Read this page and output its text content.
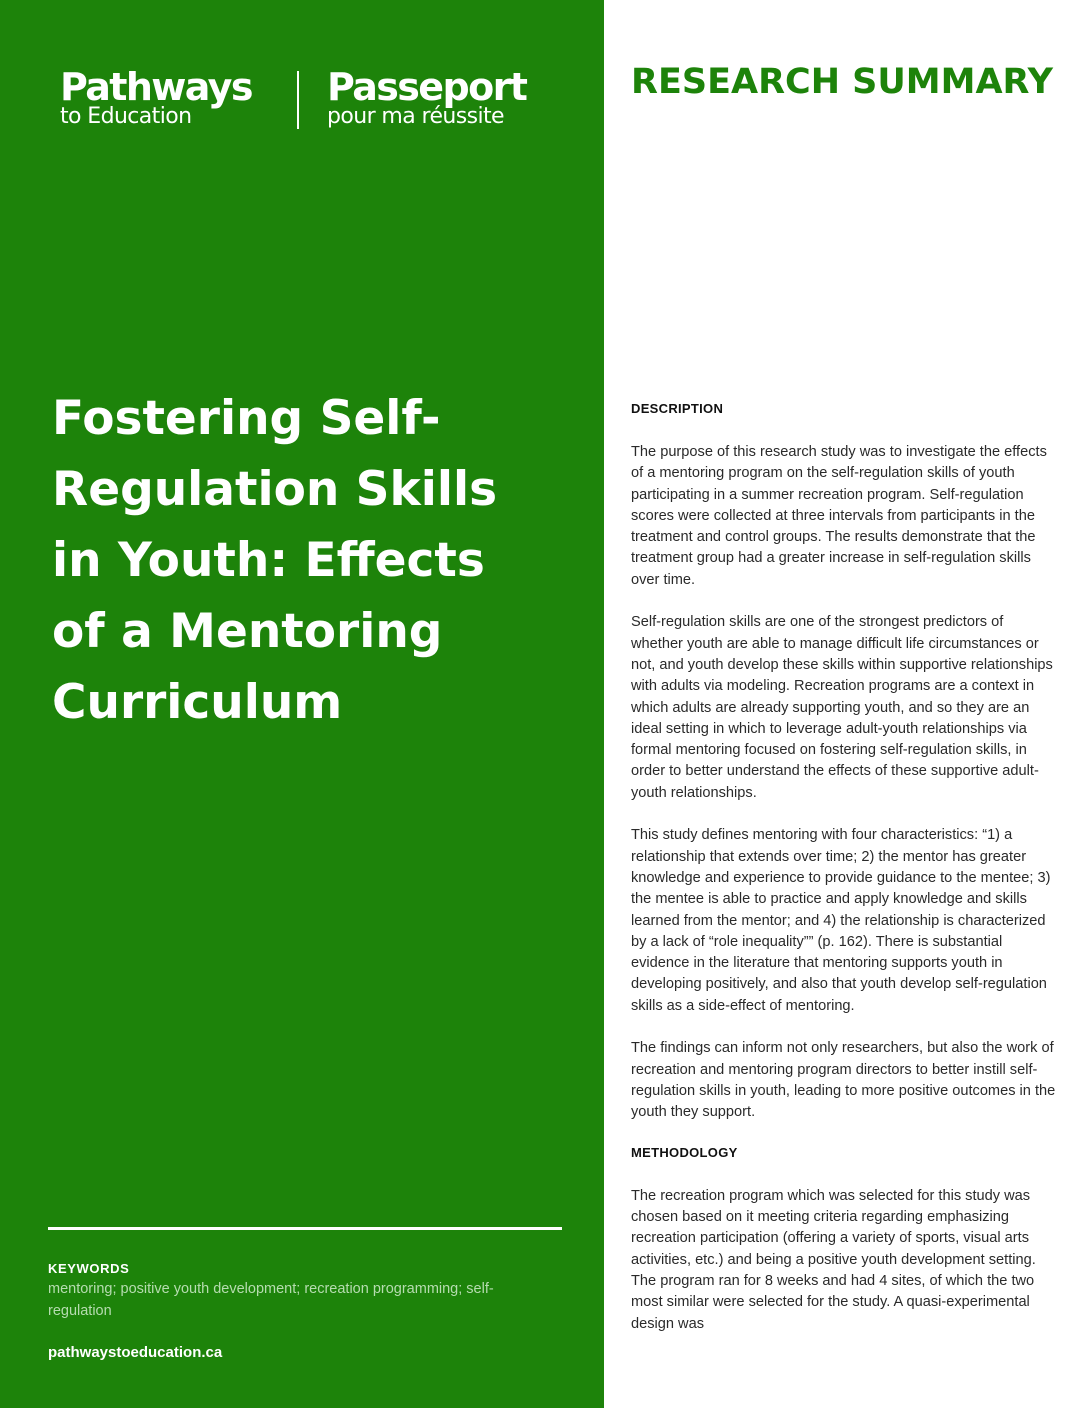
Pathways
to Education
Passeport
pour ma réussite
Fostering Self-Regulation Skills in Youth: Effects of a Mentoring Curriculum
KEYWORDS
mentoring; positive youth development; recreation programming; self-regulation
pathwaystoeducation.ca
RESEARCH SUMMARY
DESCRIPTION

The purpose of this research study was to investigate the effects of a mentoring program on the self-regulation skills of youth participating in a summer recreation program. Self-regulation scores were collected at three intervals from participants in the treatment and control groups. The results demonstrate that the treatment group had a greater increase in self-regulation skills over time.

Self-regulation skills are one of the strongest predictors of whether youth are able to manage difficult life circumstances or not, and youth develop these skills within supportive relationships with adults via modeling. Recreation programs are a context in which adults are already supporting youth, and so they are an ideal setting in which to leverage adult-youth relationships via formal mentoring focused on fostering self-regulation skills, in order to better understand the effects of these supportive adult-youth relationships.

This study defines mentoring with four characteristics: “1) a relationship that extends over time; 2) the mentor has greater knowledge and experience to provide guidance to the mentee; 3) the mentee is able to practice and apply knowledge and skills learned from the mentor; and 4) the relationship is characterized by a lack of “role inequality”” (p. 162). There is substantial evidence in the literature that mentoring supports youth in developing positively, and also that youth develop self-regulation skills as a side-effect of mentoring.

The findings can inform not only researchers, but also the work of recreation and mentoring program directors to better instill self-regulation skills in youth, leading to more positive outcomes in the youth they support.

METHODOLOGY

The recreation program which was selected for this study was chosen based on it meeting criteria regarding emphasizing recreation participation (offering a variety of sports, visual arts activities, etc.) and being a positive youth development setting. The program ran for 8 weeks and had 4 sites, of which the two most similar were selected for the study. A quasi-experimental design was
